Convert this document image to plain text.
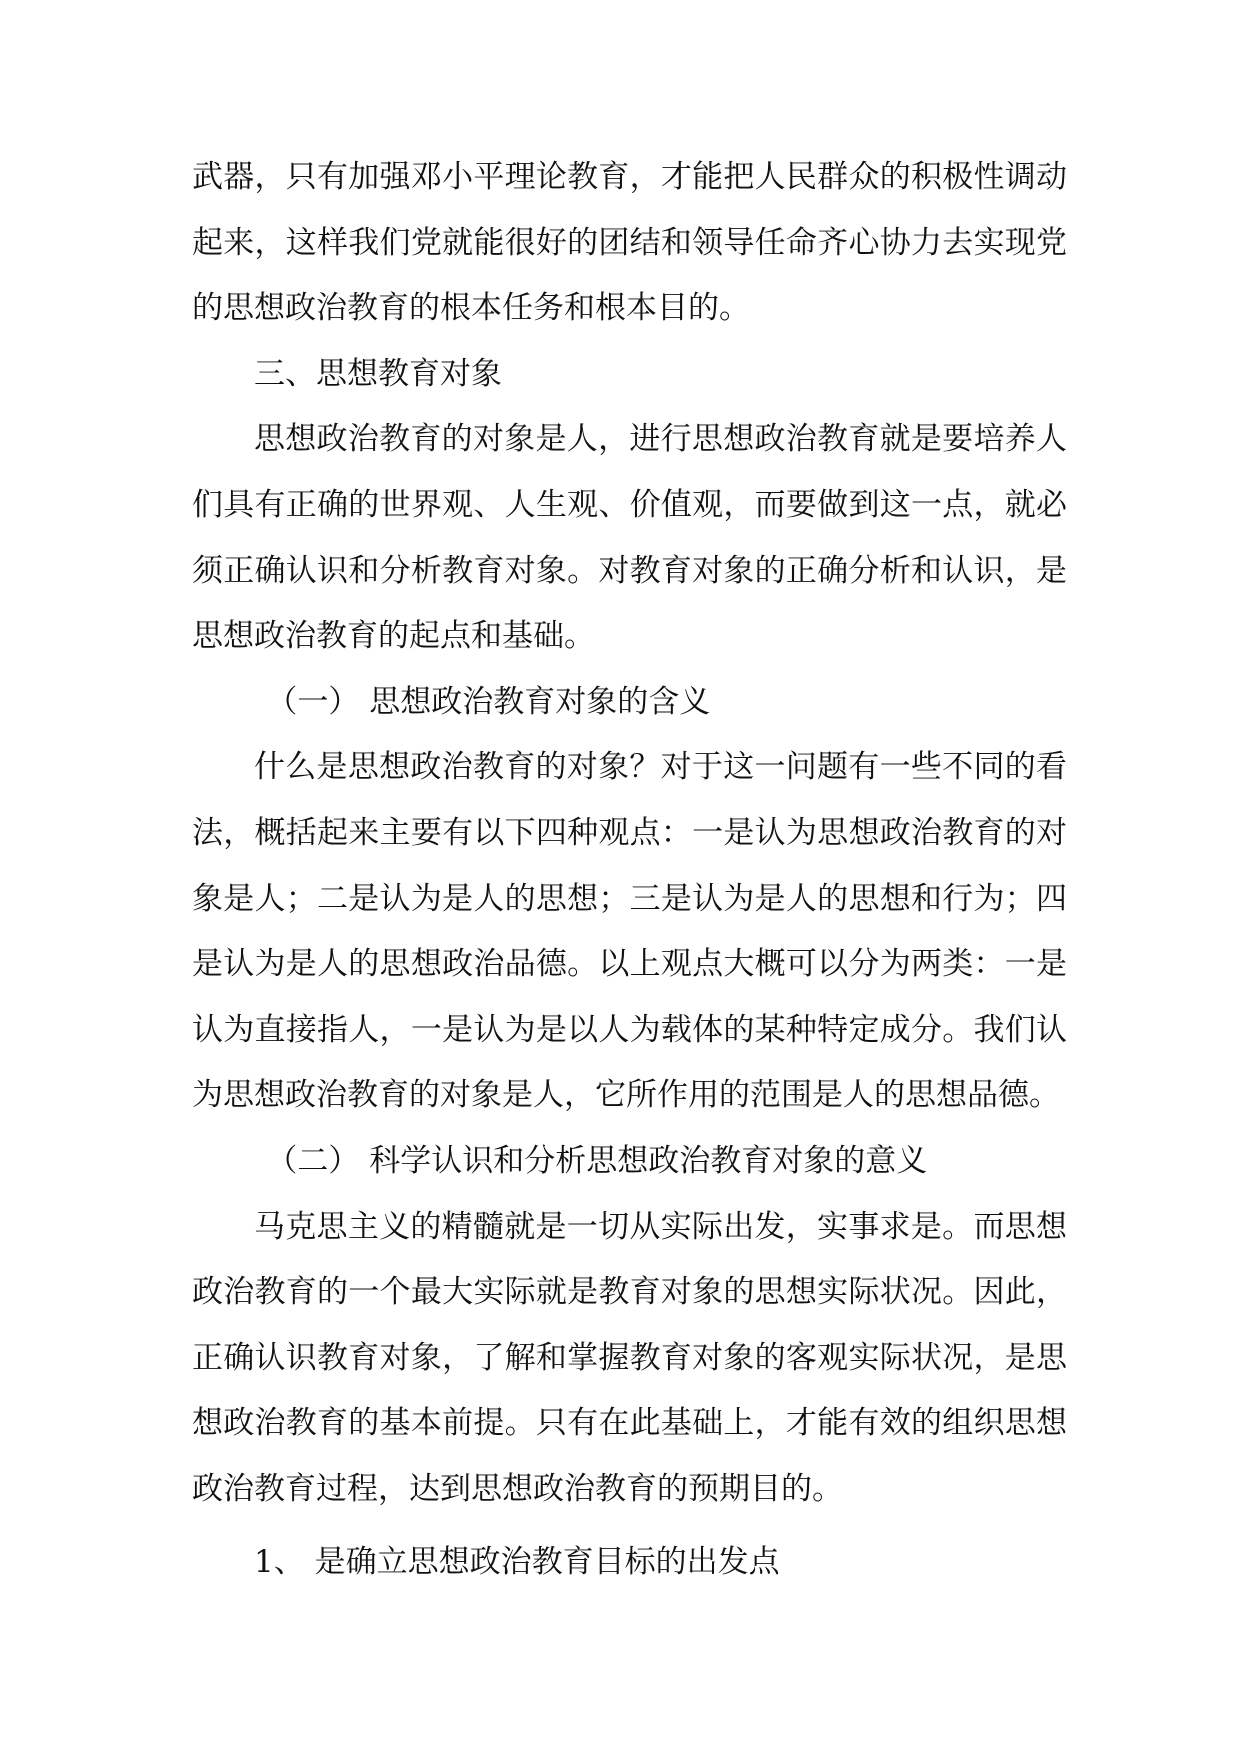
武器，只有加强邓小平理论教育，才能把人民群众的积极性调动起来，这样我们党就能很好的团结和领导任命齐心协力去实现党的思想政治教育的根本任务和根本目的。

三、思想教育对象

思想政治教育的对象是人，进行思想政治教育就是要培养人们具有正确的世界观、人生观、价值观，而要做到这一点，就必须正确认识和分析教育对象。对教育对象的正确分析和认识，是思想政治教育的起点和基础。

（一） 思想政治教育对象的含义

什么是思想政治教育的对象？对于这一问题有一些不同的看法，概括起来主要有以下四种观点：一是认为思想政治教育的对象是人；二是认为是人的思想；三是认为是人的思想和行为；四是认为是人的思想政治品德。以上观点大概可以分为两类：一是认为直接指人，一是认为是以人为载体的某种特定成分。我们认为思想政治教育的对象是人，它所作用的范围是人的思想品德。

（二） 科学认识和分析思想政治教育对象的意义

马克思主义的精髓就是一切从实际出发，实事求是。而思想政治教育的一个最大实际就是教育对象的思想实际状况。因此，正确认识教育对象，了解和掌握教育对象的客观实际状况，是思想政治教育的基本前提。只有在此基础上，才能有效的组织思想政治教育过程，达到思想政治教育的预期目的。

1、 是确立思想政治教育目标的出发点
